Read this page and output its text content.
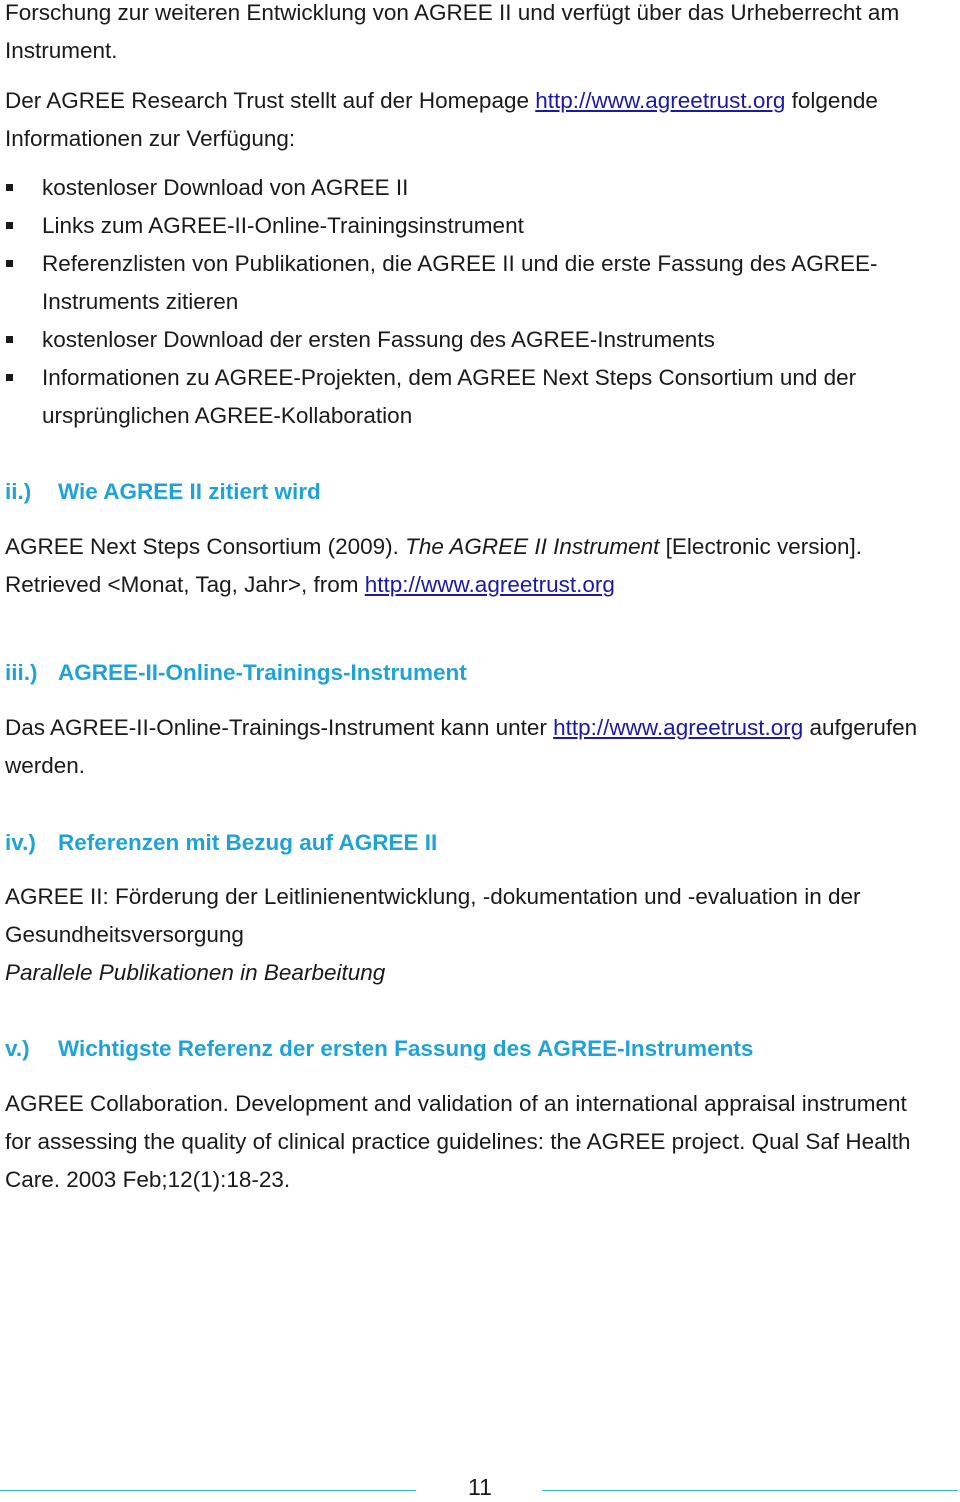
Forschung zur weiteren Entwicklung von AGREE II und verfügt über das Urheberrecht am
Instrument.

Der AGREE Research Trust stellt auf der Homepage http://www.agreetrust.org folgende
Informationen zur Verfügung:

kostenloser Download von AGREE II
Links zum AGREE-II-Online-Trainingsinstrument
Referenzlisten von Publikationen, die AGREE II und die erste Fassung des AGREE-
Instruments zitieren
kostenloser Download der ersten Fassung des AGREE-Instruments
Informationen zu AGREE-Projekten, dem AGREE Next Steps Consortium und der
ursprünglichen AGREE-Kollaboration
ii.) Wie AGREE II zitiert wird

AGREE Next Steps Consortium (2009). The AGREE II Instrument [Electronic version].
Retrieved <Monat, Tag, Jahr>, from http://www.agreetrust.org

iii.) AGREE-II-Online-Trainings-Instrument

Das AGREE-II-Online-Trainings-Instrument kann unter http://www.agreetrust.org aufgerufen
werden.

iv.) Referenzen mit Bezug auf AGREE II

AGREE II: Förderung der Leitlinienentwicklung, -dokumentation und -evaluation in der
Gesundheitsversorgung
Parallele Publikationen in Bearbeitung

v.) Wichtigste Referenz der ersten Fassung des AGREE-Instruments

AGREE Collaboration. Development and validation of an international appraisal instrument
for assessing the quality of clinical practice guidelines: the AGREE project. Qual Saf Health
Care. 2003 Feb;12(1):18-23.

11
